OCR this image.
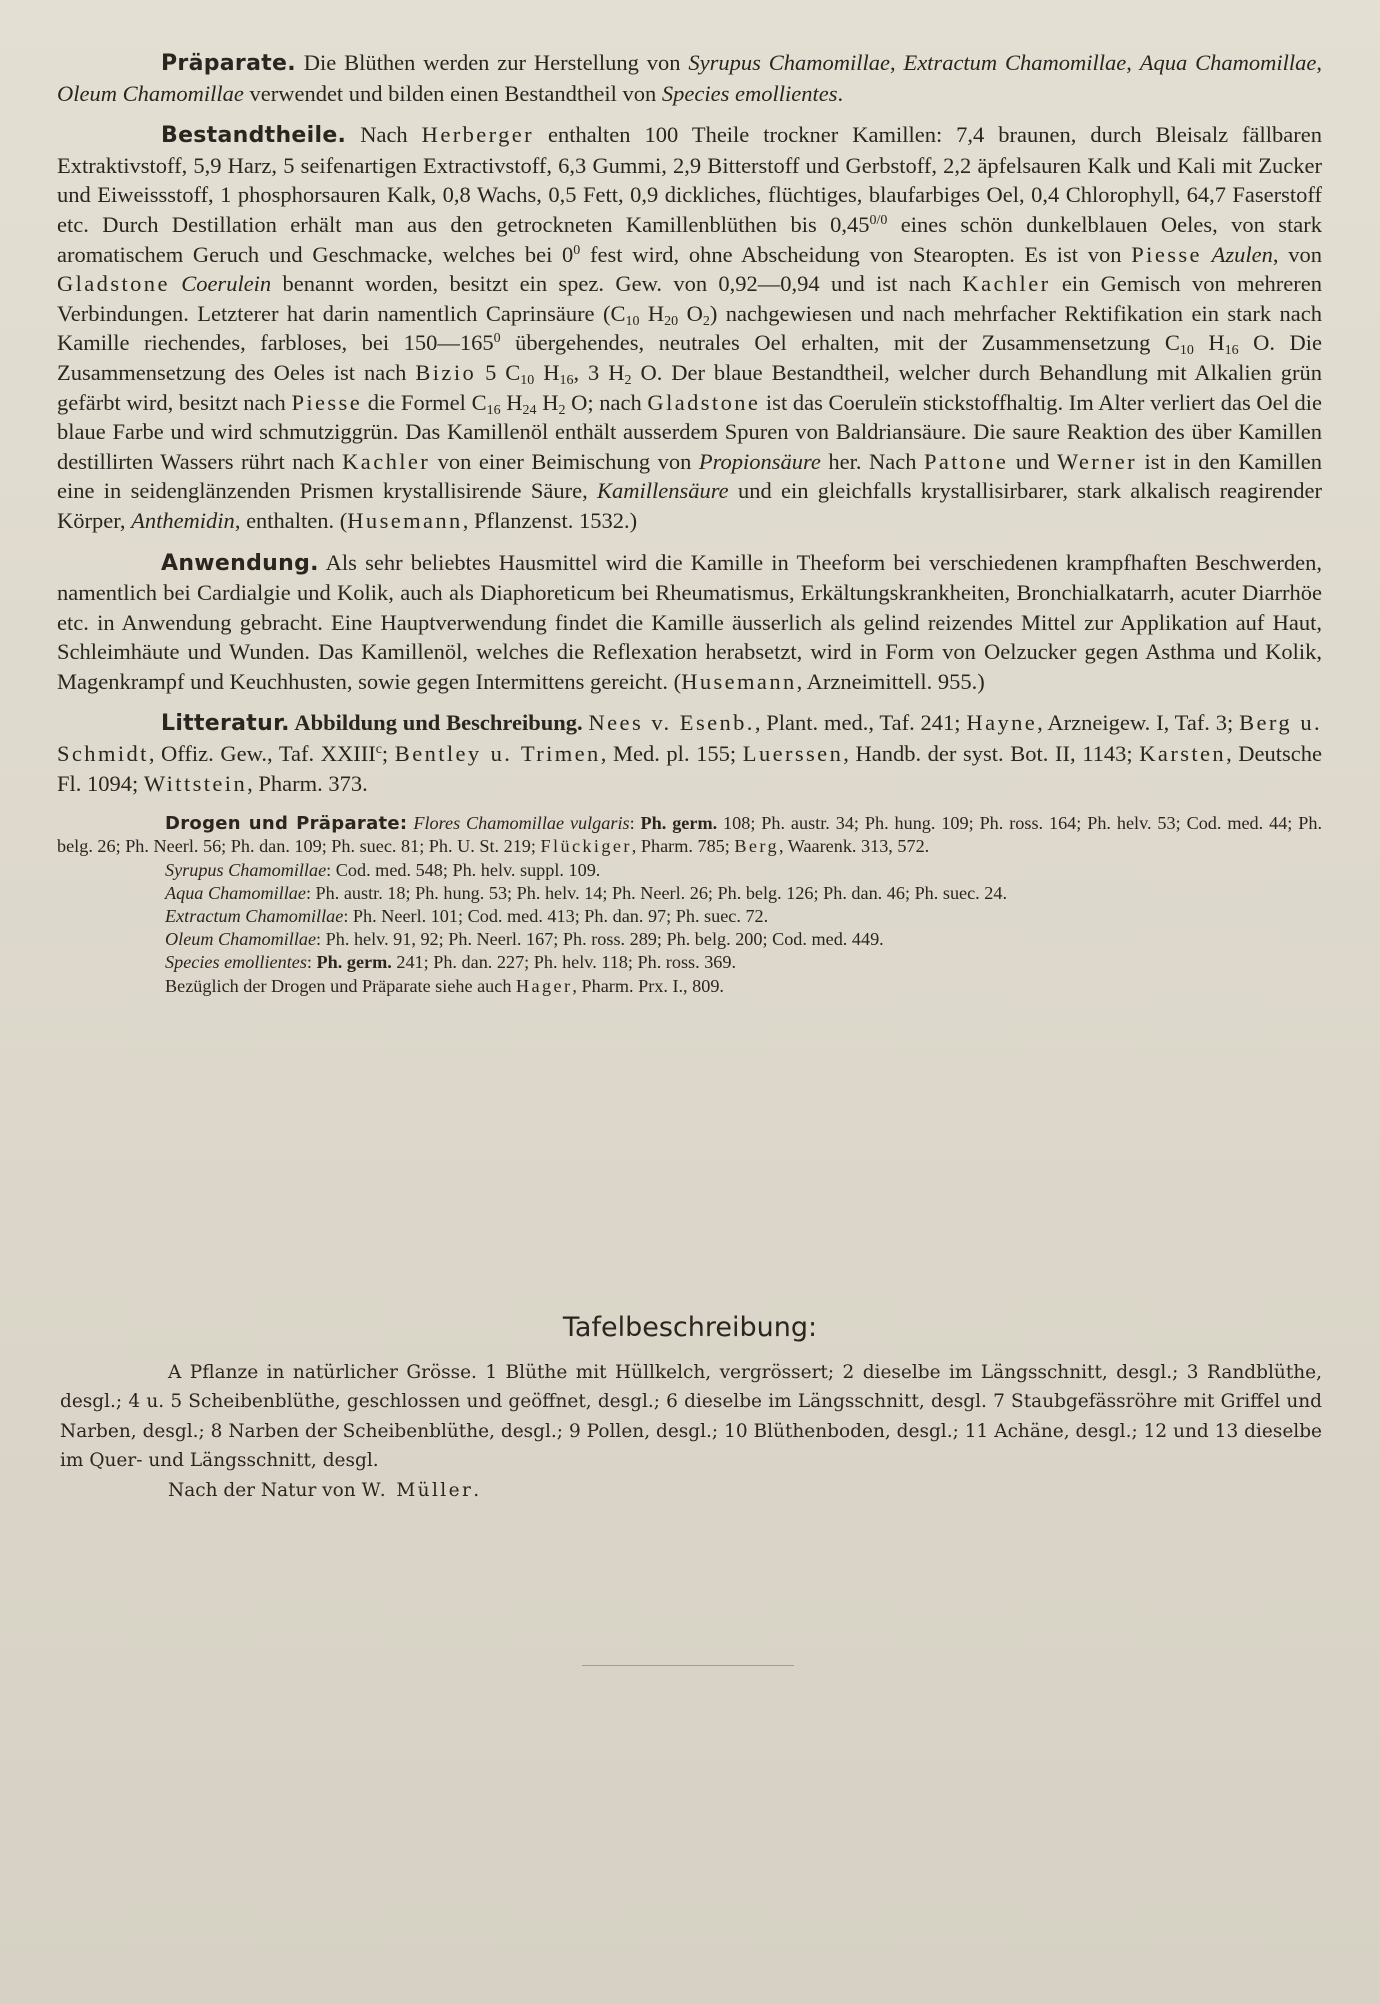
Präparate. Die Blüthen werden zur Herstellung von Syrupus Chamomillae, Extractum Chamomillae, Aqua Chamomillae, Oleum Chamomillae verwendet und bilden einen Bestandtheil von Species emollientes.

Bestandtheile. Nach Herberger enthalten 100 Theile trockner Kamillen: 7,4 braunen, durch Bleisalz fällbaren Extraktivstoff, 5,9 Harz, 5 seifenartigen Extractivstoff, 6,3 Gummi, 2,9 Bitterstoff und Gerbstoff, 2,2 äpfelsauren Kalk und Kali mit Zucker und Eiweissstoff, 1 phosphorsauren Kalk, 0,8 Wachs, 0,5 Fett, 0,9 dickliches, flüchtiges, blaufarbiges Oel, 0,4 Chlorophyll, 64,7 Faserstoff etc. Durch Destillation erhält man aus den getrockneten Kamillenblüthen bis $0,45^{0/0}$ eines schön dunkelblauen Oeles, von stark aromatischem Geruch und Geschmacke, welches bei $0^0$ fest wird, ohne Abscheidung von Stearopten. Es ist von Piesse Azulen, von Gladstone Coerulein benannt worden, besitzt ein spez. Gew. von 0,92—0,94 und ist nach Kachler ein Gemisch von mehreren Verbindungen. Letzterer hat darin namentlich Caprinsäure ($C_{10}$ $H_{20}$ $O_2$) nachgewiesen und nach mehrfacher Rektifikation ein stark nach Kamille riechendes, farbloses, bei $150—165^0$ übergehendes, neutrales Oel erhalten, mit der Zusammensetzung $C_{10}$ $H_{16}$ O. Die Zusammensetzung des Oeles ist nach Bizio 5 $C_{10}$ $H_{16}$, 3 $H_2$ O. Der blaue Bestandtheil, welcher durch Behandlung mit Alkalien grün gefärbt wird, besitzt nach Piesse die Formel $C_{16}$ $H_{24}$ $H_2$ O; nach Gladstone ist das Coeruleïn stickstoffhaltig. Im Alter verliert das Oel die blaue Farbe und wird schmutziggrün. Das Kamillenöl enthält ausserdem Spuren von Baldriansäure. Die saure Reaktion des über Kamillen destillirten Wassers rührt nach Kachler von einer Beimischung von Propionsäure her. Nach Pattone und Werner ist in den Kamillen eine in seidenglänzenden Prismen krystallisirende Säure, Kamillensäure und ein gleichfalls krystallisirbarer, stark alkalisch reagirender Körper, Anthemidin, enthalten. (Husemann, Pflanzenst. 1532.)

Anwendung. Als sehr beliebtes Hausmittel wird die Kamille in Theeform bei verschiedenen krampfhaften Beschwerden, namentlich bei Cardialgie und Kolik, auch als Diaphoreticum bei Rheumatismus, Erkältungskrankheiten, Bronchialkatarrh, acuter Diarrhöe etc. in Anwendung gebracht. Eine Hauptverwendung findet die Kamille äusserlich als gelind reizendes Mittel zur Applikation auf Haut, Schleimhäute und Wunden. Das Kamillenöl, welches die Reflexation herabsetzt, wird in Form von Oelzucker gegen Asthma und Kolik, Magenkrampf und Keuchhusten, sowie gegen Intermittens gereicht. (Husemann, Arzneimittell. 955.)

Litteratur. Abbildung und Beschreibung. Nees v. Esenb., Plant. med., Taf. 241; Hayne, Arzneigew. I, Taf. 3; Berg u. Schmidt, Offiz. Gew., Taf. XXIII$^c$; Bentley u. Trimen, Med. pl. 155; Luerssen, Handb. der syst. Bot. II, 1143; Karsten, Deutsche Fl. 1094; Wittstein, Pharm. 373.

Drogen und Präparate: Flores Chamomillae vulgaris: Ph. germ. 108; Ph. austr. 34; Ph. hung. 109; Ph. ross. 164; Ph. helv. 53; Cod. med. 44; Ph. belg. 26; Ph. Neerl. 56; Ph. dan. 109; Ph. suec. 81; Ph. U. St. 219; Flückiger, Pharm. 785; Berg, Waarenk. 313, 572.

Syrupus Chamomillae: Cod. med. 548; Ph. helv. suppl. 109.

Aqua Chamomillae: Ph. austr. 18; Ph. hung. 53; Ph. helv. 14; Ph. Neerl. 26; Ph. belg. 126; Ph. dan. 46; Ph. suec. 24.

Extractum Chamomillae: Ph. Neerl. 101; Cod. med. 413; Ph. dan. 97; Ph. suec. 72.

Oleum Chamomillae: Ph. helv. 91, 92; Ph. Neerl. 167; Ph. ross. 289; Ph. belg. 200; Cod. med. 449.

Species emollientes: Ph. germ. 241; Ph. dan. 227; Ph. helv. 118; Ph. ross. 369.

Bezüglich der Drogen und Präparate siehe auch Hager, Pharm. Prx. I., 809.

Tafelbeschreibung:

A Pflanze in natürlicher Grösse. 1 Blüthe mit Hüllkelch, vergrössert; 2 dieselbe im Längsschnitt, desgl.; 3 Randblüthe, desgl.; 4 u. 5 Scheibenblüthe, geschlossen und geöffnet, desgl.; 6 dieselbe im Längsschnitt, desgl. 7 Staubgefässröhre mit Griffel und Narben, desgl.; 8 Narben der Scheibenblüthe, desgl.; 9 Pollen, desgl.; 10 Blüthenboden, desgl.; 11 Achäne, desgl.; 12 und 13 dieselbe im Quer- und Längsschnitt, desgl.

Nach der Natur von W. Müller.
